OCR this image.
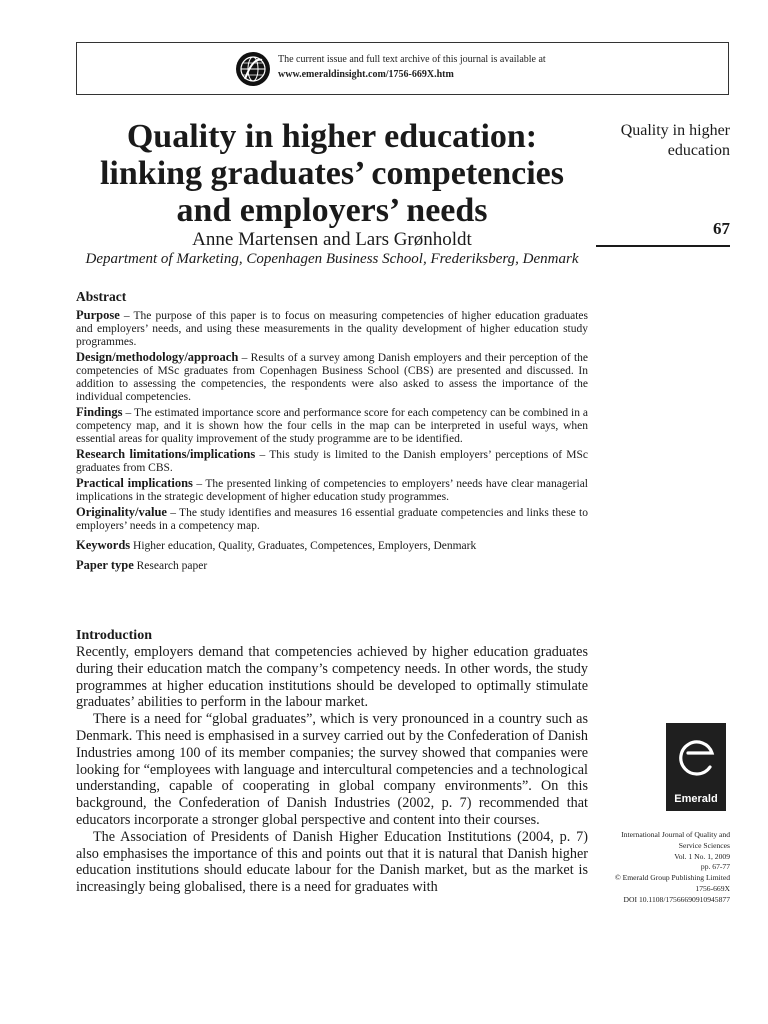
The current issue and full text archive of this journal is available at
www.emeraldinsight.com/1756-669X.htm
Quality in higher education:
linking graduates’ competencies
and employers’ needs
Anne Martensen and Lars Grønholdt
Department of Marketing, Copenhagen Business School, Frederiksberg, Denmark
Quality in higher
education
67
Abstract

Purpose – The purpose of this paper is to focus on measuring competencies of higher education graduates and employers’ needs, and using these measurements in the quality development of higher education study programmes.

Design/methodology/approach – Results of a survey among Danish employers and their perception of the competencies of MSc graduates from Copenhagen Business School (CBS) are presented and discussed. In addition to assessing the competencies, the respondents were also asked to assess the importance of the individual competencies.

Findings – The estimated importance score and performance score for each competency can be combined in a competency map, and it is shown how the four cells in the map can be interpreted in useful ways, when essential areas for quality improvement of the study programme are to be identified.

Research limitations/implications – This study is limited to the Danish employers’ perceptions of MSc graduates from CBS.

Practical implications – The presented linking of competencies to employers’ needs have clear managerial implications in the strategic development of higher education study programmes.

Originality/value – The study identifies and measures 16 essential graduate competencies and links these to employers’ needs in a competency map.

Keywords Higher education, Quality, Graduates, Competences, Employers, Denmark

Paper type Research paper

Introduction

Recently, employers demand that competencies achieved by higher education graduates during their education match the company’s competency needs. In other words, the study programmes at higher education institutions should be developed to optimally stimulate graduates’ abilities to perform in the labour market.

There is a need for “global graduates”, which is very pronounced in a country such as Denmark. This need is emphasised in a survey carried out by the Confederation of Danish Industries among 100 of its member companies; the survey showed that companies were looking for “employees with language and intercultural competencies and a technological understanding, capable of cooperating in global company environments”. On this background, the Confederation of Danish Industries (2002, p. 7) recommended that educators incorporate a stronger global perspective and content into their courses.

The Association of Presidents of Danish Higher Education Institutions (2004, p. 7) also emphasises the importance of this and points out that it is natural that Danish higher education institutions should educate labour for the Danish market, but as the market is increasingly being globalised, there is a need for graduates with

Emerald
International Journal of Quality and
Service Sciences
Vol. 1 No. 1, 2009
pp. 67-77
© Emerald Group Publishing Limited
1756-669X
DOI 10.1108/17566690910945877
